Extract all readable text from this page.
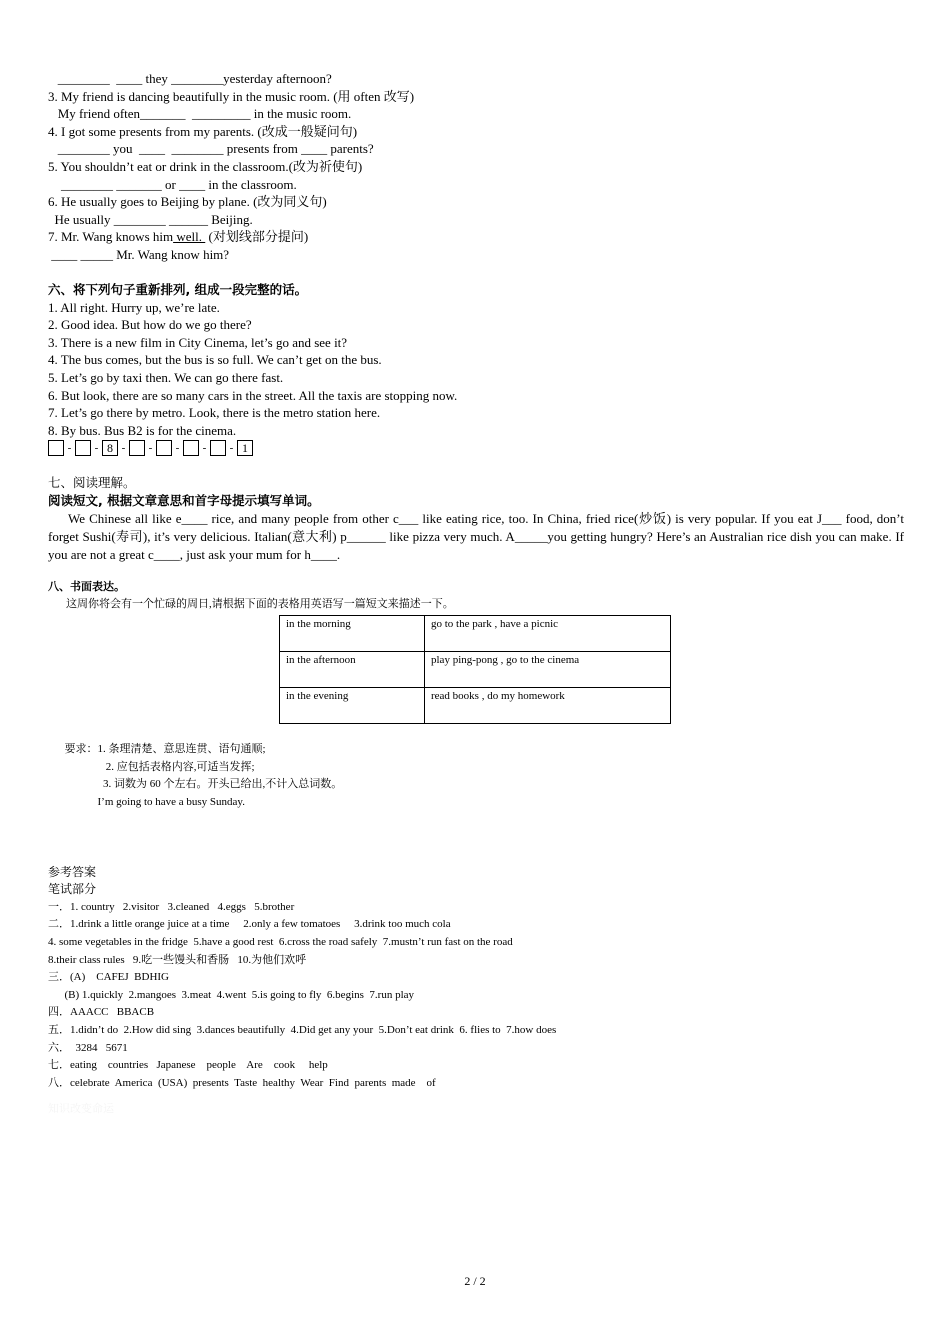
________  ____ they ________yesterday afternoon?

3. My friend is dancing beautifully in the music room. (用 often 改写)

My friend often_______  _________ in the music room.

4. I got some presents from my parents. (改成一般疑问句)

________ you  ____  ________ presents from ____ parents?

5. You shouldn’t eat or drink in the classroom.(改为祈使句)

________ _______ or ____ in the classroom.

6. He usually goes to Beijing by plane. (改为同义句)

He usually ________ ______ Beijing.

7. Mr. Wang knows him well.  (对划线部分提问)

____ _____ Mr. Wang know him?

六、将下列句子重新排列, 组成一段完整的话。

1. All right. Hurry up, we’re late.

2. Good idea. But how do we go there?

3. There is a new film in City Cinema, let’s go and see it?

4. The bus comes, but the bus is so full. We can’t get on the bus.

5. Let’s go by taxi then. We can go there fast.

6. But look, there are so many cars in the street. All the taxis are stopping now.

7. Let’s go there by metro. Look, there is the metro station here.

8. By bus. Bus B2 is for the cinema.

-	- 8 -	-	-	-	- 1
七、阅读理解。
阅读短文, 根据文章意思和首字母提示填写单词。

We Chinese all like e____ rice, and many people from other c___ like eating rice, too. In China, fried rice(炒饭) is very popular. If you eat J___ food, don’t forget Sushi(寿司), it’s very delicious. Italian(意大利) p______ like pizza very much. A_____you getting hungry? Here’s an Australian rice dish you can make. If you are not a great c____, just ask your mum for h____.

八、书面表达。

这周你将会有一个忙碌的周日,请根据下面的表格用英语写一篇短文来描述一下。

in the morning	go to the park , have a picnic
in the afternoon	play ping-pong , go to the cinema
in the evening	read books , do my homework

要求：1. 条理清楚、意思连贯、语句通顺;

2. 应包括表格内容,可适当发挥;

3. 词数为 60 个左右。开头已给出,不计入总词数。

I’m going to have a busy Sunday.

参考答案

笔试部分

一．1. country   2.visitor   3.cleaned   4.eggs   5.brother

二．1.drink a little orange juice at a time     2.only a few tomatoes     3.drink too much cola

4. some vegetables in the fridge  5.have a good rest  6.cross the road safely  7.mustn’t run fast on the road

8.their class rules   9.吃一些馒头和香肠   10.为他们欢呼

三．(A)    CAFEJ  BDHIG

(B) 1.quickly  2.mangoes  3.meat  4.went  5.is going to fly  6.begins  7.run play

四．AAACC   BBACB

五．1.didn’t do  2.How did sing  3.dances beautifully  4.Did get any your  5.Don’t eat drink  6. flies to  7.how does

六．  3284   5671

七．eating    countries   Japanese    people    Are    cook     help

八．celebrate  America  (USA)  presents  Taste  healthy  Wear  Find  parents  made    of

知识改变命运
2 / 2
